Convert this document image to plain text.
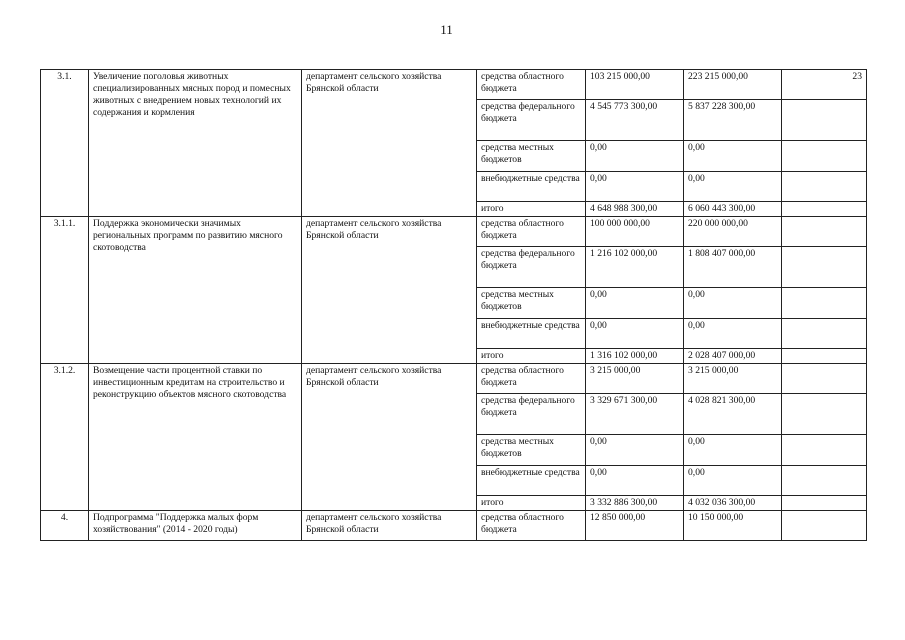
11
3.1.	Увеличение поголовья животных специализированных мясных пород и помесных животных с внедрением новых технологий их содержания и кормления	департамент сельского хозяйства Брянской области	средства областного бюджета	103 215 000,00	223 215 000,00	23
			средства федерального бюджета	4 545 773 300,00	5 837 228 300,00	
			средства местных бюджетов	0,00	0,00	
			внебюджетные средства	0,00	0,00	
			итого	4 648 988 300,00	6 060 443 300,00	
3.1.1.	Поддержка экономически значимых региональных программ по развитию мясного скотоводства	департамент сельского хозяйства Брянской области	средства областного бюджета	100 000 000,00	220 000 000,00	
			средства федерального бюджета	1 216 102 000,00	1 808 407 000,00	
			средства местных бюджетов	0,00	0,00	
			внебюджетные средства	0,00	0,00	
			итого	1 316 102 000,00	2 028 407 000,00	
3.1.2.	Возмещение части процентной ставки по инвестиционным кредитам на строительство и реконструкцию объектов мясного скотоводства	департамент сельского хозяйства Брянской области	средства областного бюджета	3 215 000,00	3 215 000,00	
			средства федерального бюджета	3 329 671 300,00	4 028 821 300,00	
			средства местных бюджетов	0,00	0,00	
			внебюджетные средства	0,00	0,00	
			итого	3 332 886 300,00	4 032 036 300,00	
4.	Подпрограмма "Поддержка малых форм хозяйствования" (2014 - 2020 годы)	департамент сельского хозяйства Брянской области	средства областного бюджета	12 850 000,00	10 150 000,00	
